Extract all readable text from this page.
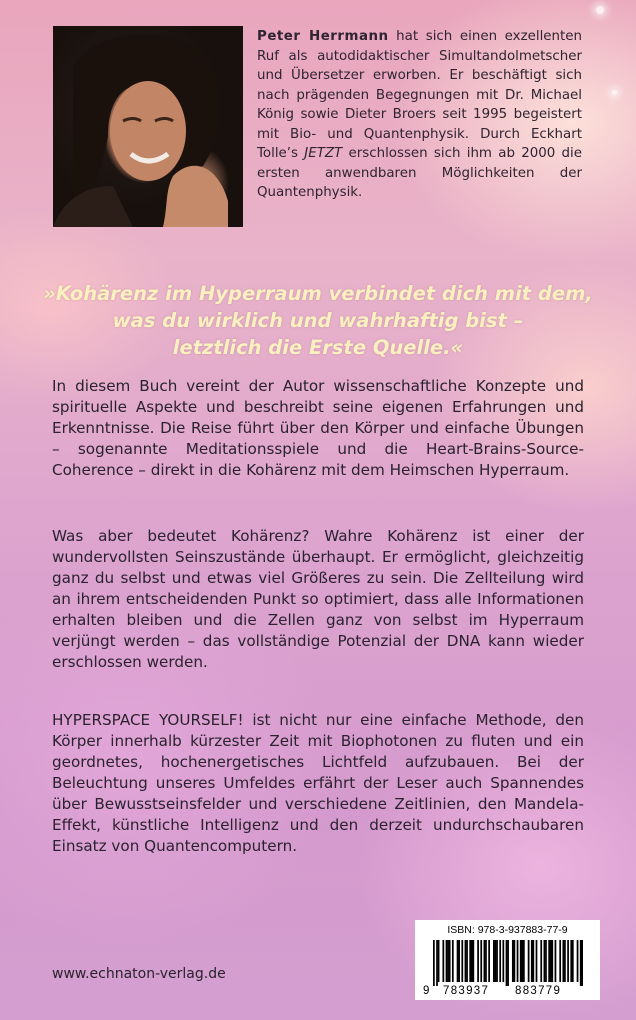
Peter Herrmann hat sich einen exzellenten Ruf als autodidaktischer Simultandolmetscher und Übersetzer erworben. Er beschäftigt sich nach prägenden Begegnungen mit Dr. Michael König sowie Dieter Broers seit 1995 begeistert mit Bio- und Quantenphysik. Durch Eckhart Tolle’s JETZT erschlossen sich ihm ab 2000 die ersten anwendbaren Möglichkeiten der Quantenphysik.
»Kohärenz im Hyperraum verbindet dich mit dem,
was du wirklich und wahrhaftig bist –
letztlich die Erste Quelle.«
In diesem Buch vereint der Autor wissenschaftliche Konzepte und spirituelle Aspekte und beschreibt seine eigenen Erfahrungen und Erkenntnisse. Die Reise führt über den Körper und einfache Übungen – sogenannte Meditationsspiele und die Heart-Brains-Source-Coherence – direkt in die Kohärenz mit dem Heimschen Hyperraum.
Was aber bedeutet Kohärenz? Wahre Kohärenz ist einer der wundervollsten Seinszustände überhaupt. Er ermöglicht, gleichzeitig ganz du selbst und etwas viel Größeres zu sein. Die Zellteilung wird an ihrem entscheidenden Punkt so optimiert, dass alle Informationen erhalten bleiben und die Zellen ganz von selbst im Hyperraum verjüngt werden – das vollständige Potenzial der DNA kann wieder erschlossen werden.
HYPERSPACE YOURSELF! ist nicht nur eine einfache Methode, den Körper innerhalb kürzester Zeit mit Biophotonen zu fluten und ein geordnetes, hochenergetisches Lichtfeld aufzubauen. Bei der Beleuchtung unseres Umfeldes erfährt der Leser auch Spannendes über Bewusstseinsfelder und verschiedene Zeitlinien, den Mandela-Effekt, künstliche Intelligenz und den derzeit undurchschaubaren Einsatz von Quantencomputern.
www.echnaton-verlag.de
ISBN: 978-3-937883-77-9
9 783937 883779
